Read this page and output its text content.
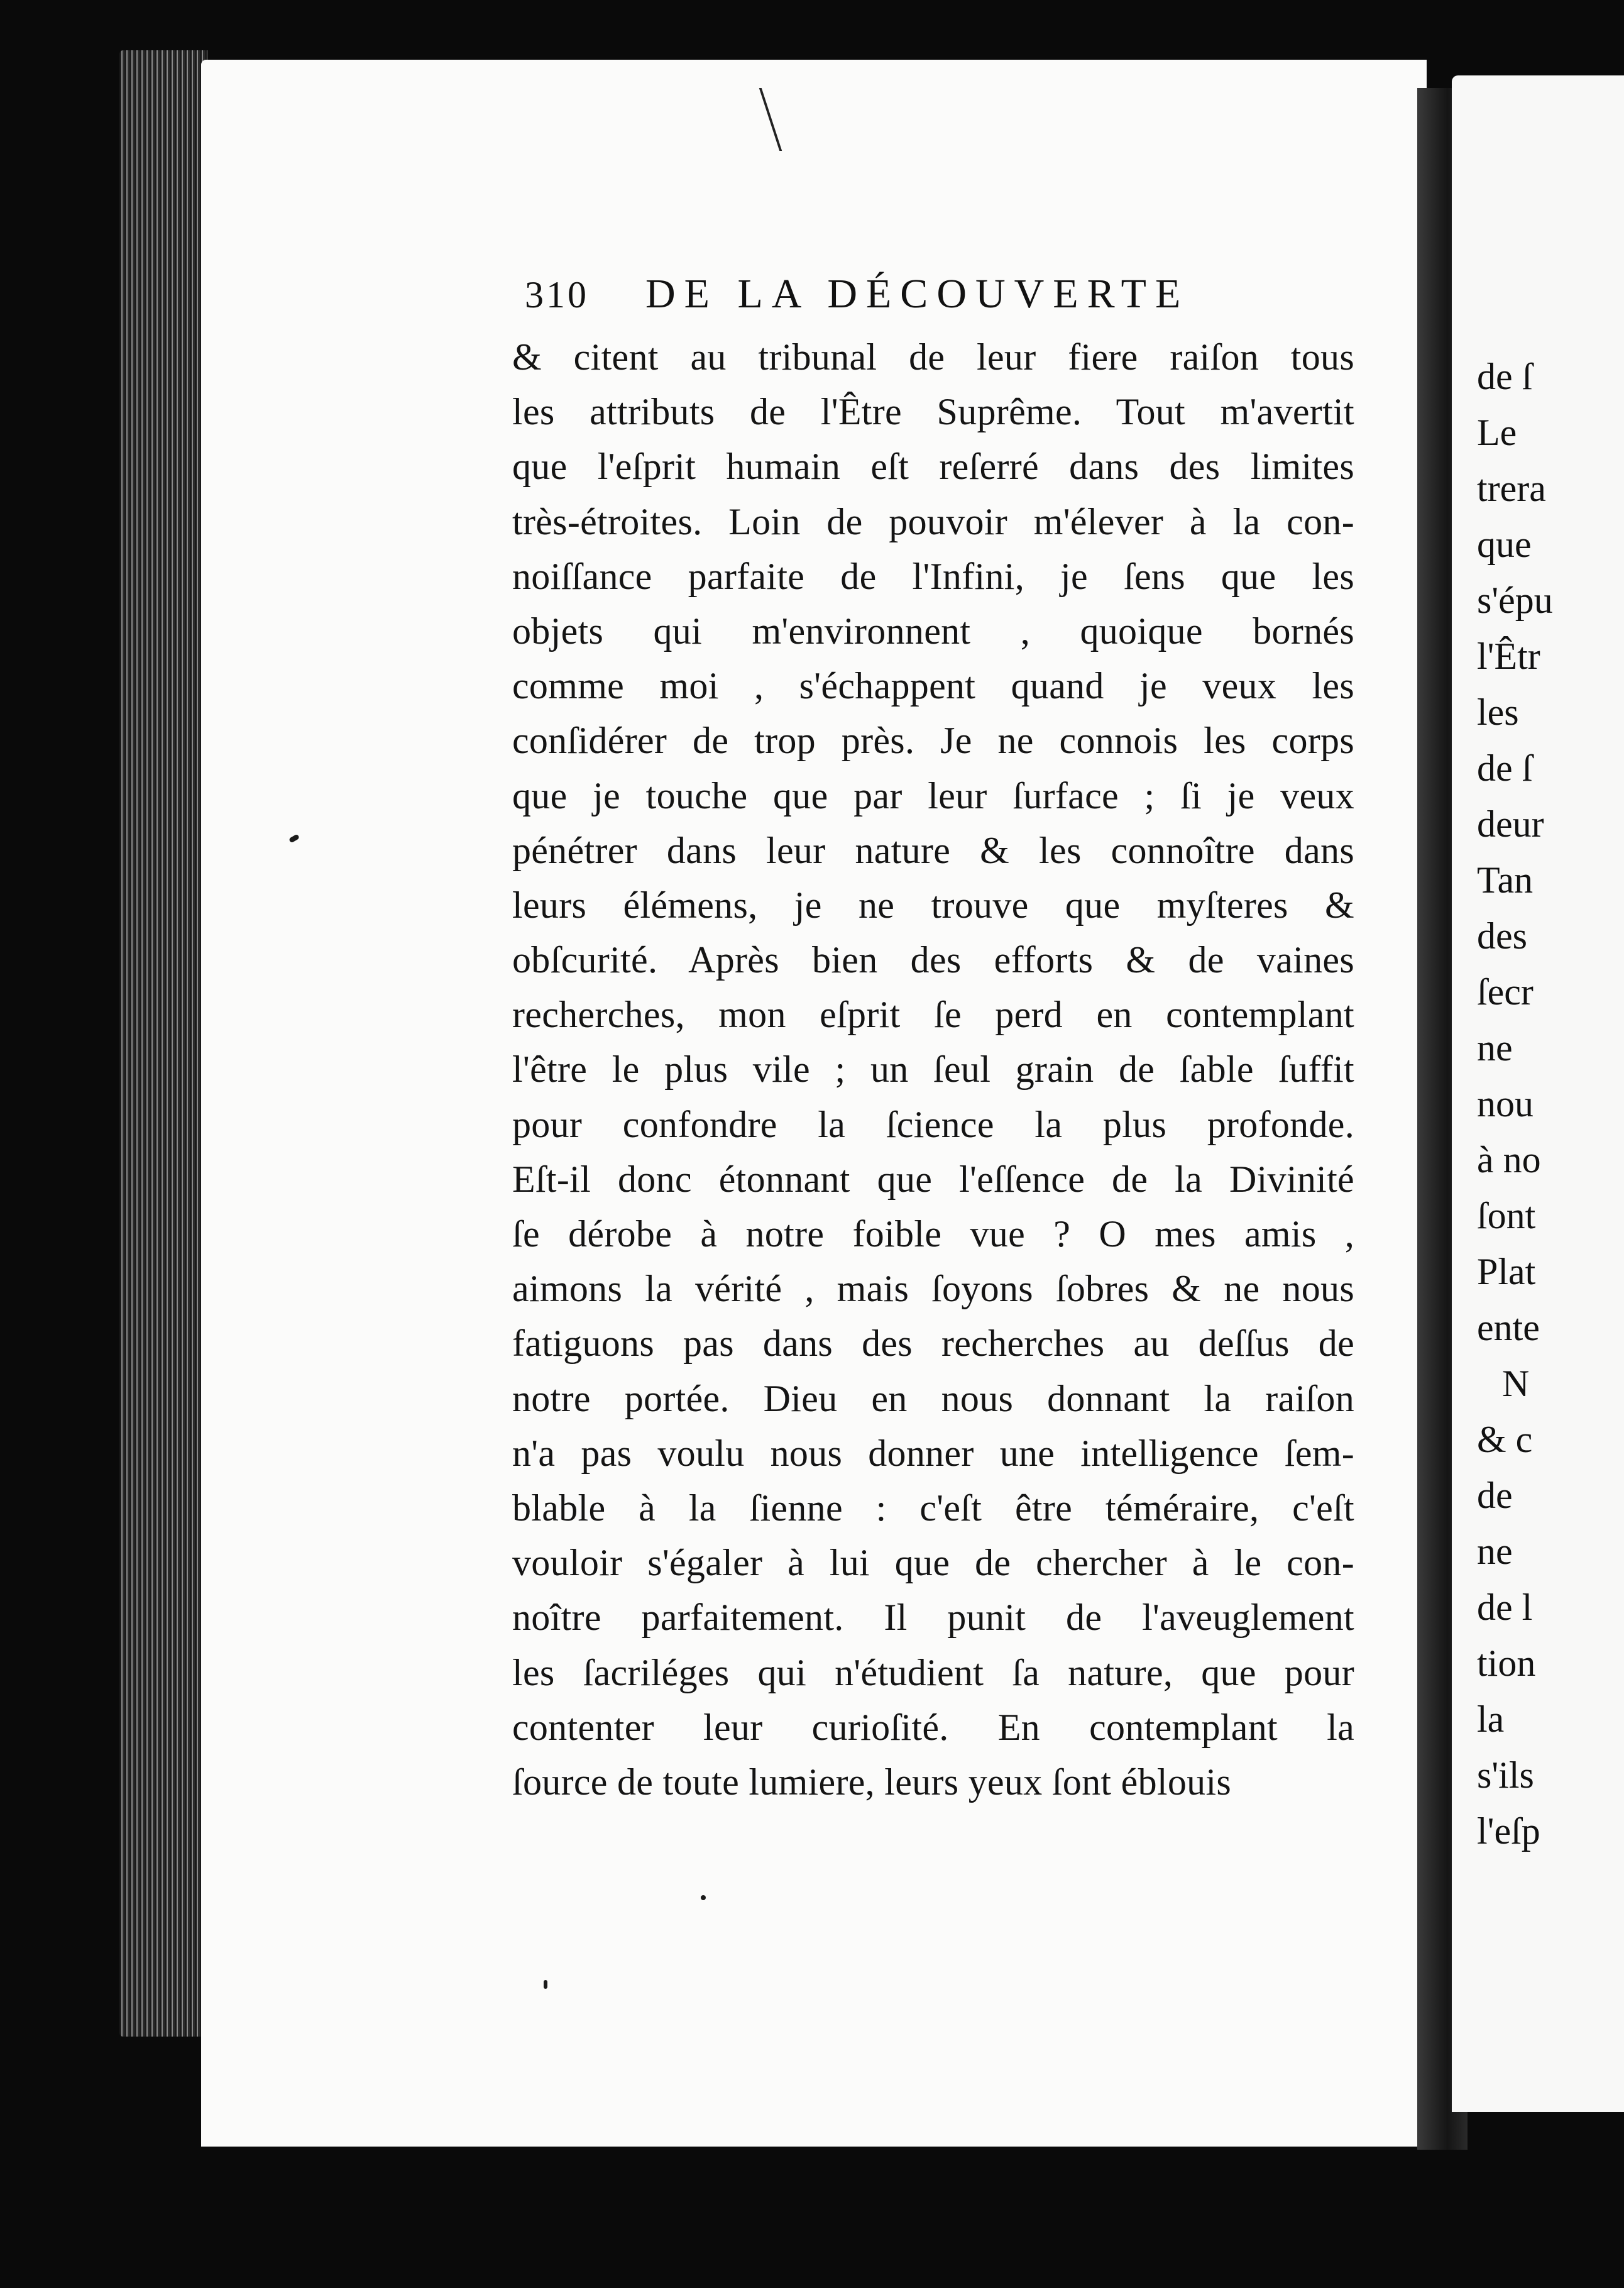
310 DE LA DÉCOUVERTE
& citent au tribunal de leur fiere raiſon tous
les attributs de l'Être Suprême. Tout m'avertit
que l'eſprit humain eſt reſerré dans des limites
très-étroites. Loin de pouvoir m'élever à la con-
noiſſance parfaite de l'Infini, je ſens que les
objets qui m'environnent , quoique bornés
comme moi , s'échappent quand je veux les
conſidérer de trop près. Je ne connois les corps
que je touche que par leur ſurface ; ſi je veux
pénétrer dans leur nature & les connoître dans
leurs élémens, je ne trouve que myſteres &
obſcurité. Après bien des efforts & de vaines
recherches, mon eſprit ſe perd en contemplant
l'être le plus vile ; un ſeul grain de ſable ſuffit
pour confondre la ſcience la plus profonde.
Eſt-il donc étonnant que l'eſſence de la Divinité
ſe dérobe à notre foible vue ? O mes amis ,
aimons la vérité , mais ſoyons ſobres & ne nous
fatiguons pas dans des recherches au deſſus de
notre portée. Dieu en nous donnant la raiſon
n'a pas voulu nous donner une intelligence ſem-
blable à la ſienne : c'eſt être téméraire, c'eſt
vouloir s'égaler à lui que de chercher à le con-
noître parfaitement. Il punit de l'aveuglement
les ſacriléges qui n'étudient ſa nature, que pour
contenter leur curioſité. En contemplant la
ſource de toute lumiere, leurs yeux ſont éblouis
de ſ
Le
trera
que
s'épu
l'Êtr
les
de ſ
deur
Tan
des
ſecr
ne
nou
à no
ſont
Plat
ente
N
& c
de
ne
de l
tion
la
s'ils
l'eſp
